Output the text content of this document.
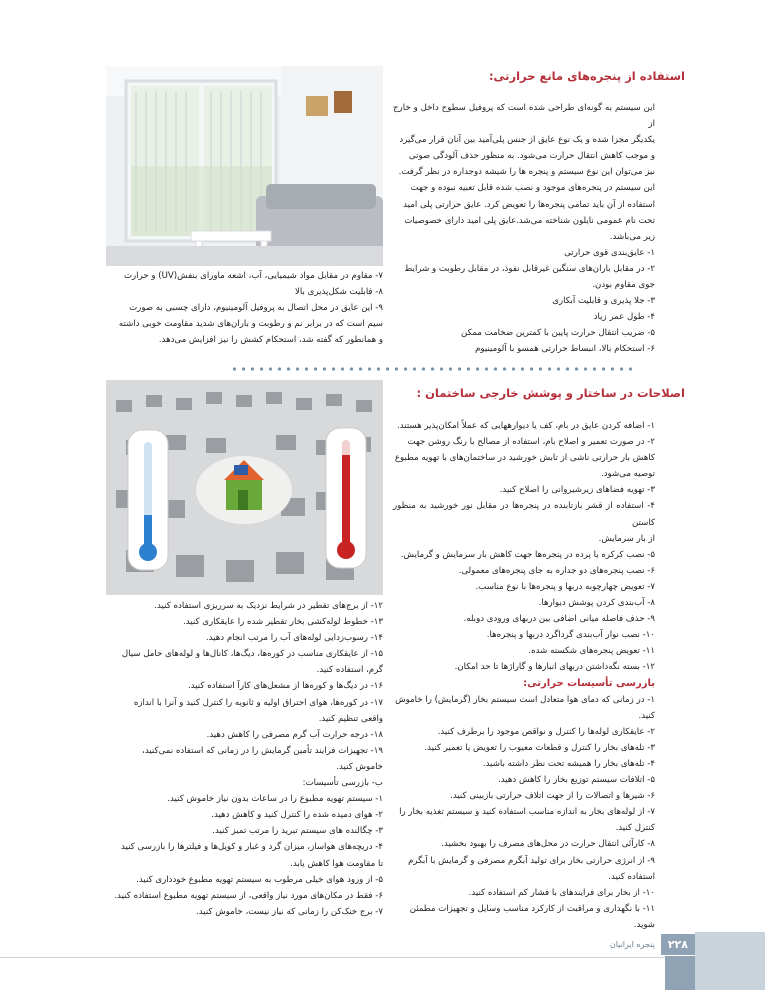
استفاده از پنجره‌های مانع حرارتی:
این سیستم به گونه‌ای طراحی شده است که پروفیل سطوح داخل و خارج از
یکدیگر مجزا شده و یک نوع عایق از جنس پلی‌آمید بین آنان قرار می‌گیرد
و موجب کاهش انتقال حرارت می‌شود. به منظور حذف آلودگی صوتی
نیز می‌توان این نوع سیستم و پنجره ها را شیشه دوجداره در نظر گرفت.
این سیستم در پنجره‌های موجود و نصب شده قابل تعبیه نبوده و جهت
استفاده از آن باید تمامی پنجره‌ها را تعویض کرد. عایق حرارتی پلی امید
تحت نام عمومی نایلون شناخته می‌شد.عایق پلی امید دارای خصوصیات
زیر می‌باشد.
۱- عایق‌بندی قوی حرارتی
۲- در مقابل باران‌های سنگین غیرقابل نفوذ، در مقابل رطوبت و شرایط
جوی مقاوم بودن.
۳- جلا پذیری و قابلیت آبکاری
۴- طول عمر زیاد
۵- ضریب انتقال حرارت پایین با کمترین ضخامت ممکن
۶- استحکام بالا، انبساط حرارتی همسو با آلومینیوم
۷- مقاوم در مقابل مواد شیمیایی، آب، اشعه ماورای بنفش(UV) و حرارت
۸- قابلیت شکل‌پذیری بالا
۹- این عایق در محل اتصال به پروفیل آلومینیوم، دارای چسبی به صورت
سیم است که در برابر نم و رطوبت و باران‌های شدید مقاومت خوبی داشته
و همانطور که گفته شد، استحکام کشش را نیز افزایش می‌دهد.
اصلاحات در ساختار و پوشش خارجی ساختمان :
۱- اضافه کردن عایق در بام، کف یا دیوارههایی که عملاً امکان‌پذیر هستند.
۲- در صورت تعمیر و اصلاح بام، استفاده از مصالح با رنگ روشن جهت
کاهش بار حرارتی ناشی از تابش خورشید در ساختمان‌های با تهویه مطبوع
توصیه می‌شود.
۳- تهویه فضاهای زیرشیروانی را اصلاح کنید.
۴- استفاده از قشر بازتابنده در پنجره‌ها در مقابل نور خورشید به منظور کاستن
از بار سرمایش.
۵- نصب کرکره یا پرده در پنجره‌ها جهت کاهش بار سرمایش و گرمایش.
۶- نصب پنجره‌های دو جداره به جای پنجره‌های معمولی.
۷- تعویض چهارچوبه دربها و پنجره‌ها با نوع مناسب.
۸- آب‌بندی کردن پوشش دیوارها.
۹- حذف فاصله میانی اضافی بین دربهای ورودی دوبله.
۱۰- نصب نوار آب‌بندی گرداگرد دربها و پنجره‌ها.
۱۱- تعویض پنجره‌های شکسته شده.
۱۲- بسته نگه‌داشتن دربهای انبارها و گاراژها تا حد امکان.
بازرسی تأسیسات حرارتی:
۱- در زمانی که دمای هوا متعادل است سیستم بخار (گرمایش) را خاموش
کنید.
۲- عایقکاری لوله‌ها را کنترل و نواقص موجود را برطرف کنید.
۳- تله‌های بخار را کنترل و قطعات معیوب را تعویض یا تعمیر کنید.
۴- تله‌های بخار را همیشه تحت نظر داشته باشید.
۵- اتلافات سیستم توزیع بخار را کاهش دهید.
۶- شیرها و اتصالات را از جهت اتلاف حرارتی بازبینی کنید.
۷- از لوله‌های بخار به اندازه مناسب استفاده کنید و سیستم تغذیه بخار را
کنترل کنید.
۸- کارآئی انتقال حرارت در محل‌های مصرف را بهبود بخشید.
۹- از انرژی حرارتی بخار برای تولید آبگرم مصرفی و گرمایش با آبگرم
استفاده کنید.
۱۰- از بخار برای فرایندهای با فشار کم استفاده کنید.
۱۱- با نگهداری و مراقبت از کارکرد مناسب وسایل و تجهیزات مطمئن
شوید.
۱۲- از برج‌های تقطیر در شرایط نزدیک به سرریزی استفاده کنید.
۱۳- خطوط لوله‌کشی بخار تقطیر شده را عایقکاری کنید.
۱۴- رسوب‌زدایی لوله‌های آب را مرتب انجام دهید.
۱۵- از عایقکاری مناسب در کوره‌ها، دیگ‌ها، کانال‌ها و لوله‌های حامل سیال
گرم، استفاده کنید.
۱۶- در دیگ‌ها و کوره‌ها از مشعل‌های کارآ استفاده کنید.
۱۷- در کوره‌ها، هوای احتراق اولیه و ثانویه را کنترل کنید و آنرا با اندازه
واقعی تنظیم کنید.
۱۸- درجه حرارت آب گرم مصرفی را کاهش دهید.
۱۹- تجهیزات فرایند تأمین گرمایش را در زمانی که استفاده نمی‌کنید،
خاموش کنید.
ب- بازرسی تأسیسات:
۱- سیستم تهویه مطبوع را در ساعات بدون نیاز خاموش کنید.
۲- هوای دمیده شده را کنترل کنید و کاهش دهید.
۳- چگالنده های سیستم تبرید را مرتب تمیز کنید.
۴- دریچه‌های هواساز، میزان گرد و غبار و کویل‌ها و فیلترها را بازرسی کنید
تا مقاومت هوا کاهش یابد.
۵- از ورود هوای خیلی مرطوب به سیستم تهویه مطبوع خودداری کنید.
۶- فقط در مکان‌های مورد نیاز واقعی، از سیستم تهویه مطبوع استفاده کنید.
۷- برج خنک‌کن را زمانی که نیاز نیست، خاموش کنید.
۲۲۸
پنجره ایرانیان
